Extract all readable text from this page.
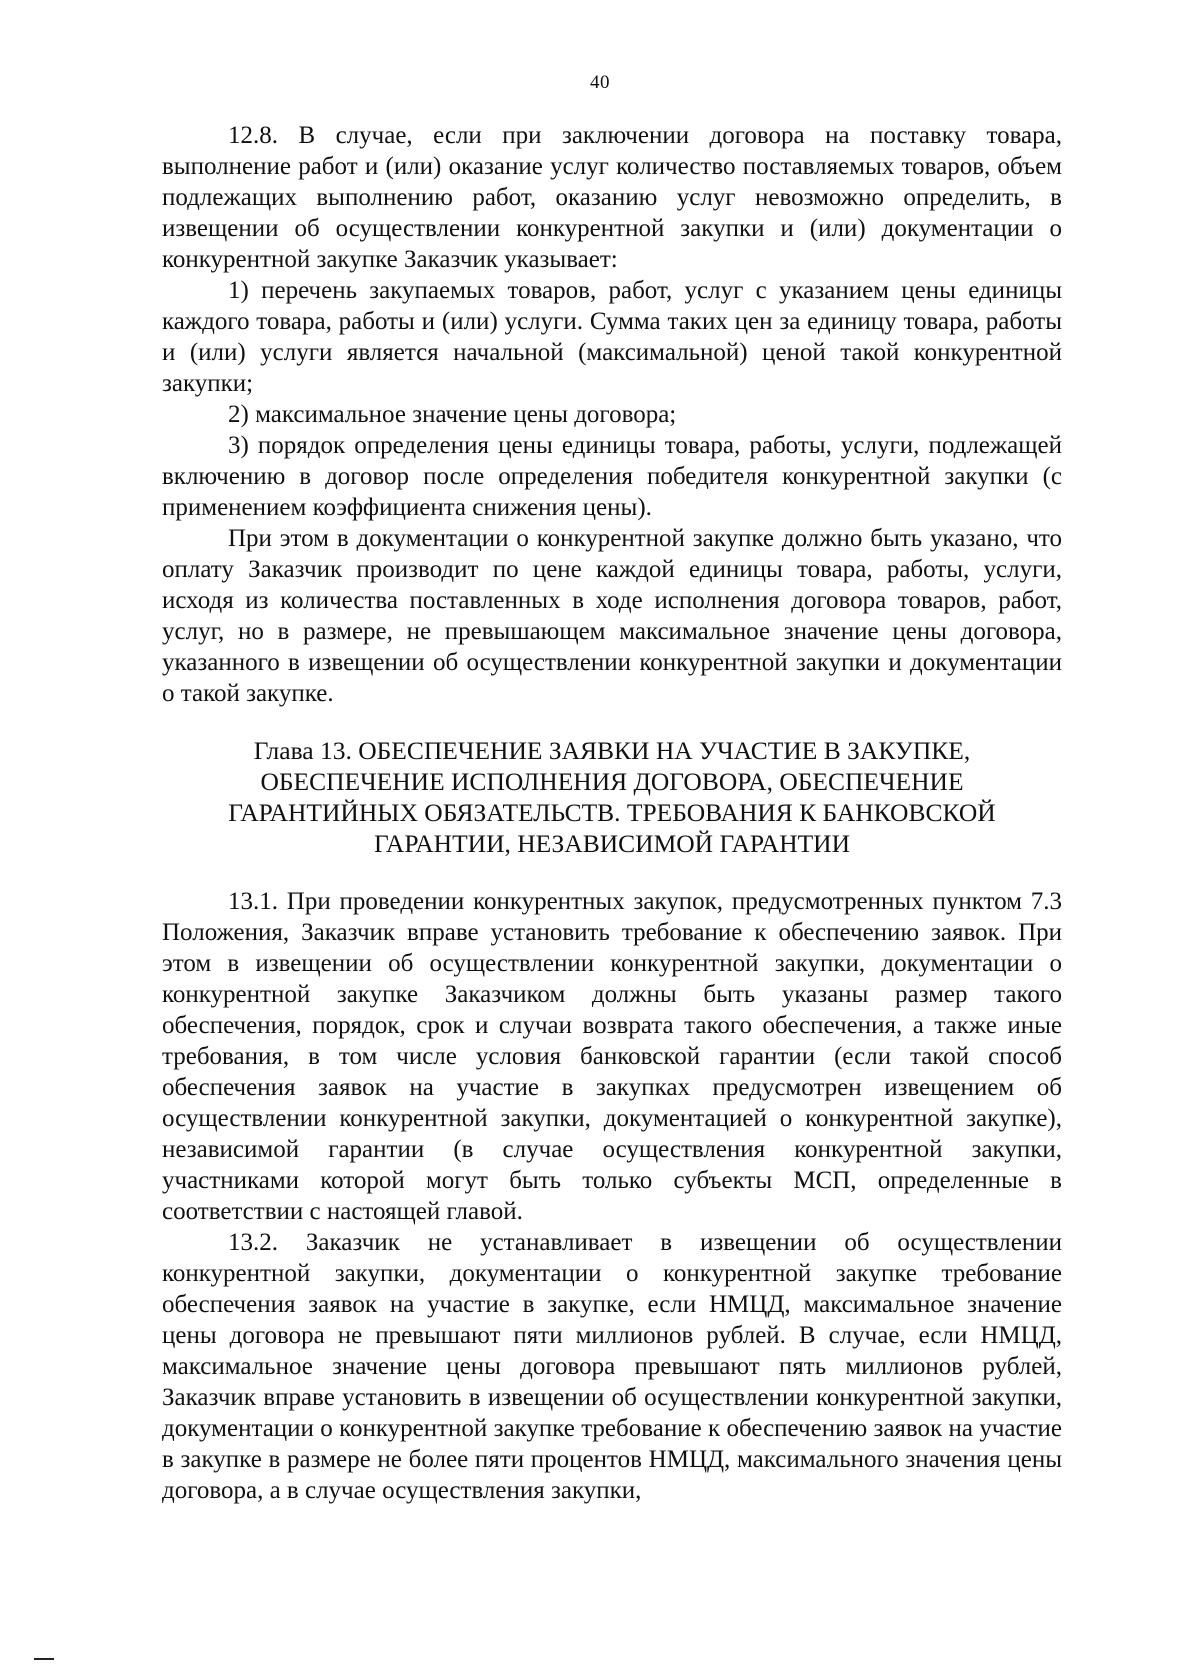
40

12.8. В случае, если при заключении договора на поставку товара, выполнение работ и (или) оказание услуг количество поставляемых товаров, объем подлежащих выполнению работ, оказанию услуг невозможно определить, в извещении об осуществлении конкурентной закупки и (или) документации о конкурентной закупке Заказчик указывает:

1) перечень закупаемых товаров, работ, услуг с указанием цены единицы каждого товара, работы и (или) услуги. Сумма таких цен за единицу товара, работы и (или) услуги является начальной (максимальной) ценой такой конкурентной закупки;

2) максимальное значение цены договора;

3) порядок определения цены единицы товара, работы, услуги, подлежащей включению в договор после определения победителя конкурентной закупки (с применением коэффициента снижения цены).

При этом в документации о конкурентной закупке должно быть указано, что оплату Заказчик производит по цене каждой единицы товара, работы, услуги, исходя из количества поставленных в ходе исполнения договора товаров, работ, услуг, но в размере, не превышающем максимальное значение цены договора, указанного в извещении об осуществлении конкурентной закупки и документации о такой закупке.

Глава 13. ОБЕСПЕЧЕНИЕ ЗАЯВКИ НА УЧАСТИЕ В ЗАКУПКЕ,
ОБЕСПЕЧЕНИЕ ИСПОЛНЕНИЯ ДОГОВОРА, ОБЕСПЕЧЕНИЕ
ГАРАНТИЙНЫХ ОБЯЗАТЕЛЬСТВ. ТРЕБОВАНИЯ К БАНКОВСКОЙ
ГАРАНТИИ, НЕЗАВИСИМОЙ ГАРАНТИИ

13.1. При проведении конкурентных закупок, предусмотренных пунктом 7.3 Положения, Заказчик вправе установить требование к обеспечению заявок. При этом в извещении об осуществлении конкурентной закупки, документации о конкурентной закупке Заказчиком должны быть указаны размер такого обеспечения, порядок, срок и случаи возврата такого обеспечения, а также иные требования, в том числе условия банковской гарантии (если такой способ обеспечения заявок на участие в закупках предусмотрен извещением об осуществлении конкурентной закупки, документацией о конкурентной закупке), независимой гарантии (в случае осуществления конкурентной закупки, участниками которой могут быть только субъекты МСП, определенные в соответствии с настоящей главой.

13.2. Заказчик не устанавливает в извещении об осуществлении конкурентной закупки, документации о конкурентной закупке требование обеспечения заявок на участие в закупке, если НМЦД, максимальное значение цены договора не превышают пяти миллионов рублей. В случае, если НМЦД, максимальное значение цены договора превышают пять миллионов рублей, Заказчик вправе установить в извещении об осуществлении конкурентной закупки, документации о конкурентной закупке требование к обеспечению заявок на участие в закупке в размере не более пяти процентов НМЦД, максимального значения цены договора, а в случае осуществления закупки,
